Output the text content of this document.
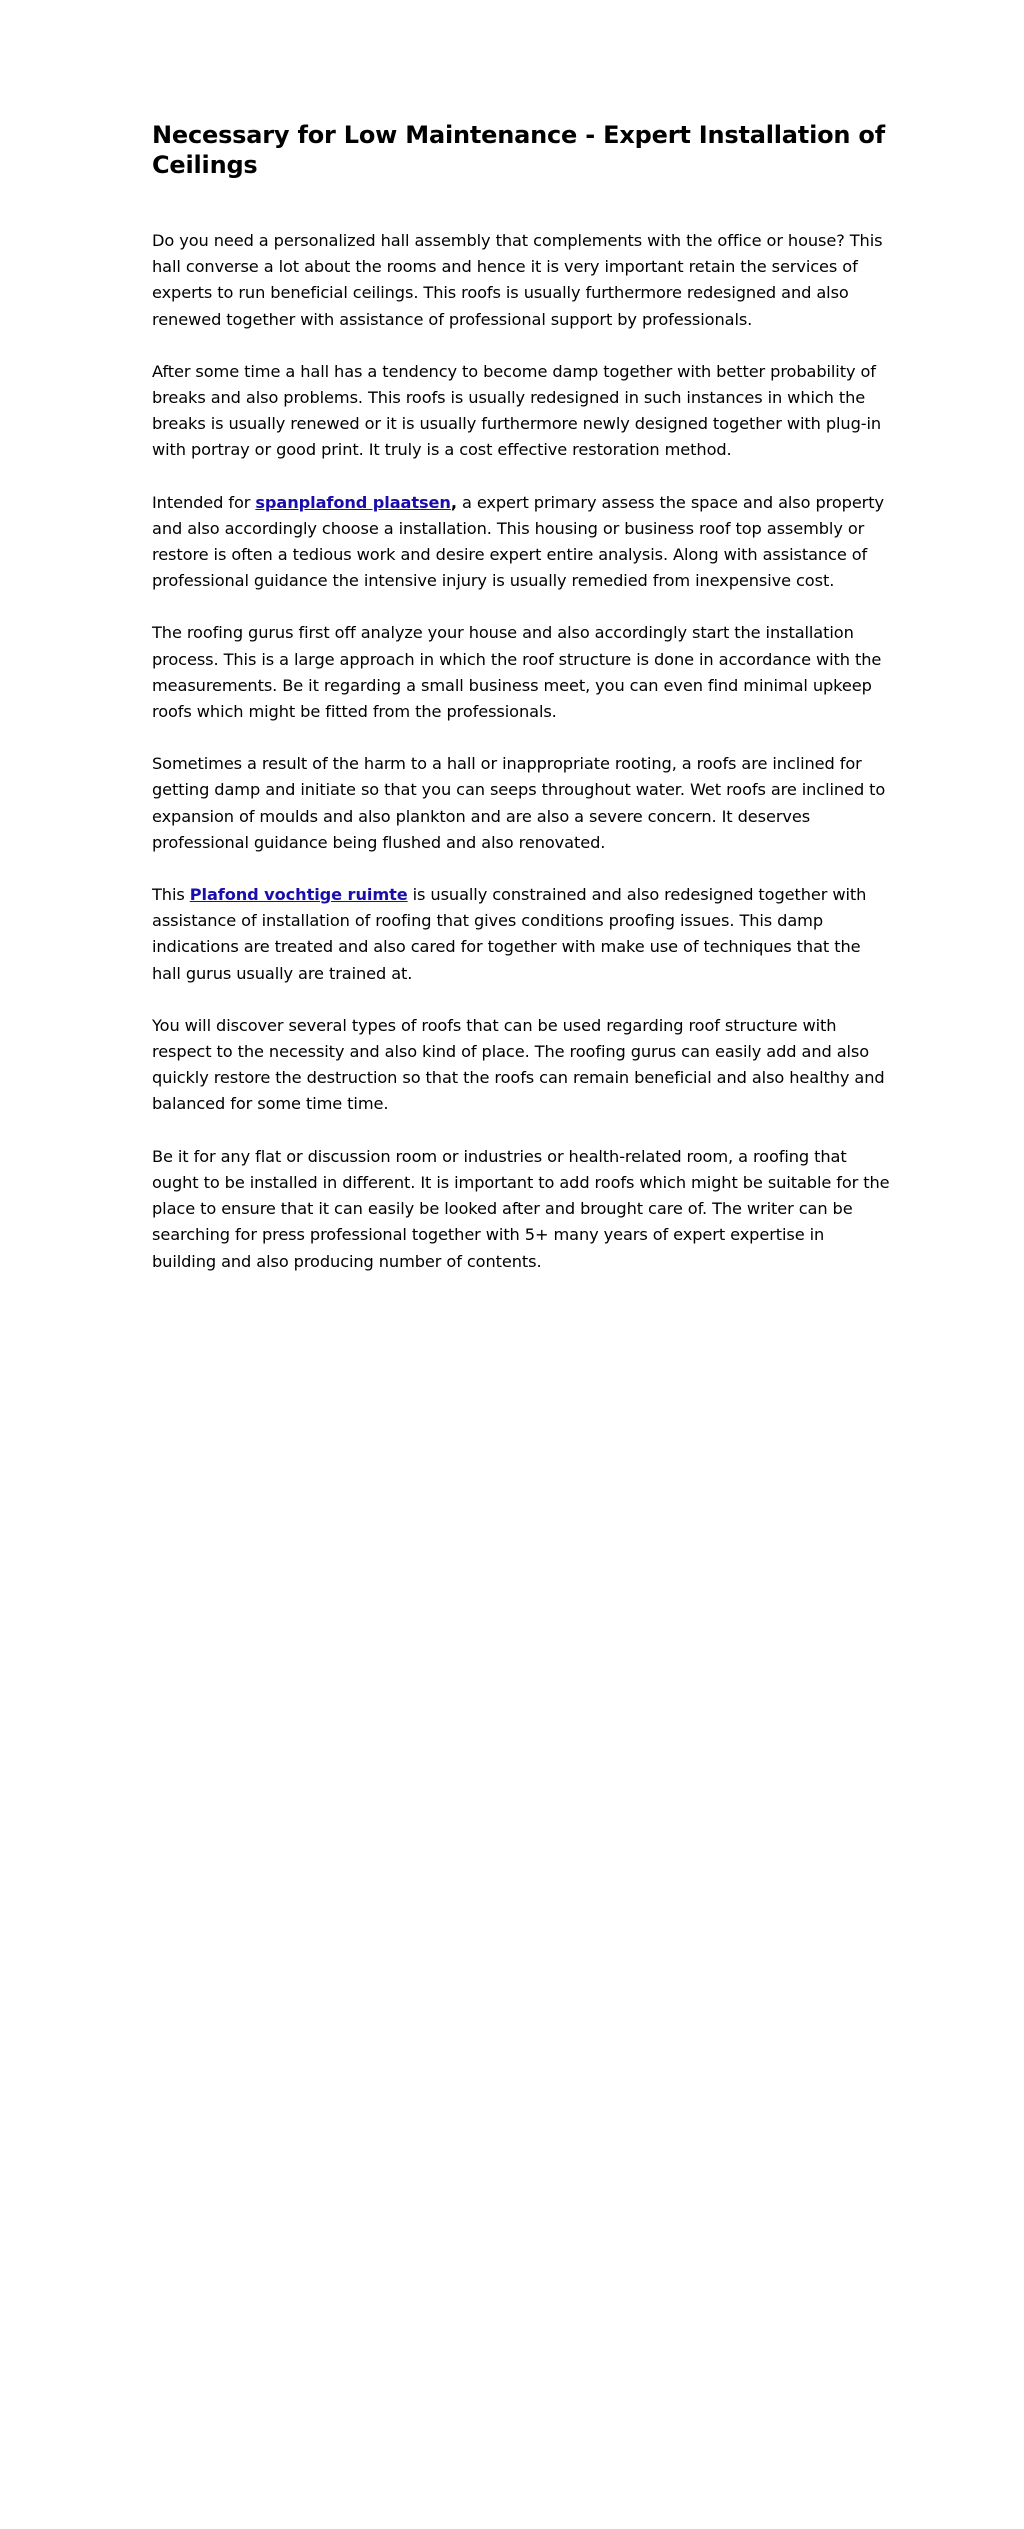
Necessary for Low Maintenance - Expert Installation of Ceilings

Do you need a personalized hall assembly that complements with the office or house? This hall converse a lot about the rooms and hence it is very important retain the services of experts to run beneficial ceilings. This roofs is usually furthermore redesigned and also renewed together with assistance of professional support by professionals.

After some time a hall has a tendency to become damp together with better probability of breaks and also problems. This roofs is usually redesigned in such instances in which the breaks is usually renewed or it is usually furthermore newly designed together with plug-in with portray or good print. It truly is a cost effective restoration method.

Intended for spanplafond plaatsen, a expert primary assess the space and also property and also accordingly choose a installation. This housing or business roof top assembly or restore is often a tedious work and desire expert entire analysis. Along with assistance of professional guidance the intensive injury is usually remedied from inexpensive cost.

The roofing gurus first off analyze your house and also accordingly start the installation process. This is a large approach in which the roof structure is done in accordance with the measurements. Be it regarding a small business meet, you can even find minimal upkeep roofs which might be fitted from the professionals.

Sometimes a result of the harm to a hall or inappropriate rooting, a roofs are inclined for getting damp and initiate so that you can seeps throughout water. Wet roofs are inclined to expansion of moulds and also plankton and are also a severe concern. It deserves professional guidance being flushed and also renovated.

This Plafond vochtige ruimte is usually constrained and also redesigned together with assistance of installation of roofing that gives conditions proofing issues. This damp indications are treated and also cared for together with make use of techniques that the hall gurus usually are trained at.

You will discover several types of roofs that can be used regarding roof structure with respect to the necessity and also kind of place. The roofing gurus can easily add and also quickly restore the destruction so that the roofs can remain beneficial and also healthy and balanced for some time time.

Be it for any flat or discussion room or industries or health-related room, a roofing that ought to be installed in different. It is important to add roofs which might be suitable for the place to ensure that it can easily be looked after and brought care of. The writer can be searching for press professional together with 5+ many years of expert expertise in building and also producing number of contents.
